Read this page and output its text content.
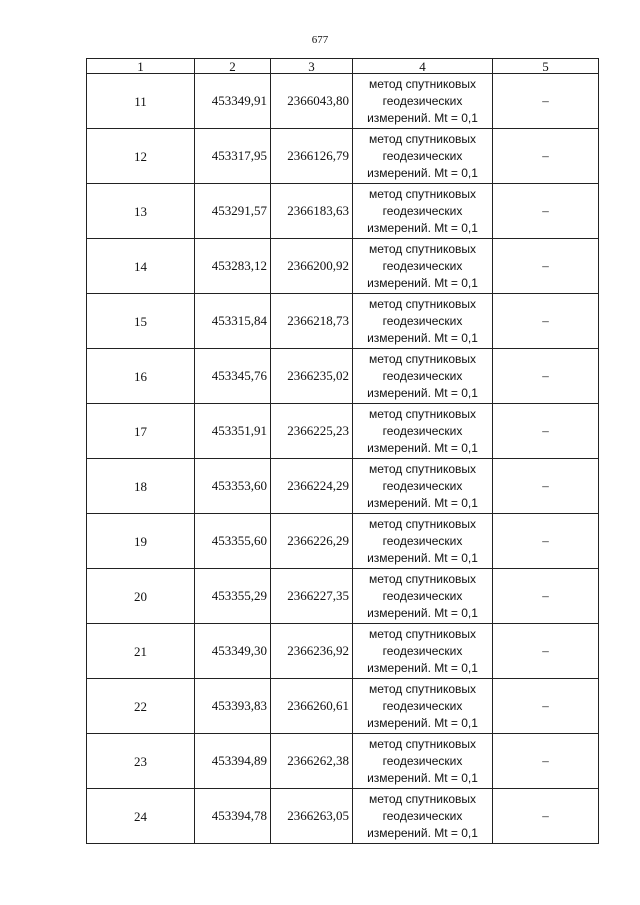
677
1	2	3	4	5
11	453349,91	2366043,80	метод спутниковых
геодезических
измерений. Mt = 0,1	–
12	453317,95	2366126,79	метод спутниковых
геодезических
измерений. Mt = 0,1	–
13	453291,57	2366183,63	метод спутниковых
геодезических
измерений. Mt = 0,1	–
14	453283,12	2366200,92	метод спутниковых
геодезических
измерений. Mt = 0,1	–
15	453315,84	2366218,73	метод спутниковых
геодезических
измерений. Mt = 0,1	–
16	453345,76	2366235,02	метод спутниковых
геодезических
измерений. Mt = 0,1	–
17	453351,91	2366225,23	метод спутниковых
геодезических
измерений. Mt = 0,1	–
18	453353,60	2366224,29	метод спутниковых
геодезических
измерений. Mt = 0,1	–
19	453355,60	2366226,29	метод спутниковых
геодезических
измерений. Mt = 0,1	–
20	453355,29	2366227,35	метод спутниковых
геодезических
измерений. Mt = 0,1	–
21	453349,30	2366236,92	метод спутниковых
геодезических
измерений. Mt = 0,1	–
22	453393,83	2366260,61	метод спутниковых
геодезических
измерений. Mt = 0,1	–
23	453394,89	2366262,38	метод спутниковых
геодезических
измерений. Mt = 0,1	–
24	453394,78	2366263,05	метод спутниковых
геодезических
измерений. Mt = 0,1	–
